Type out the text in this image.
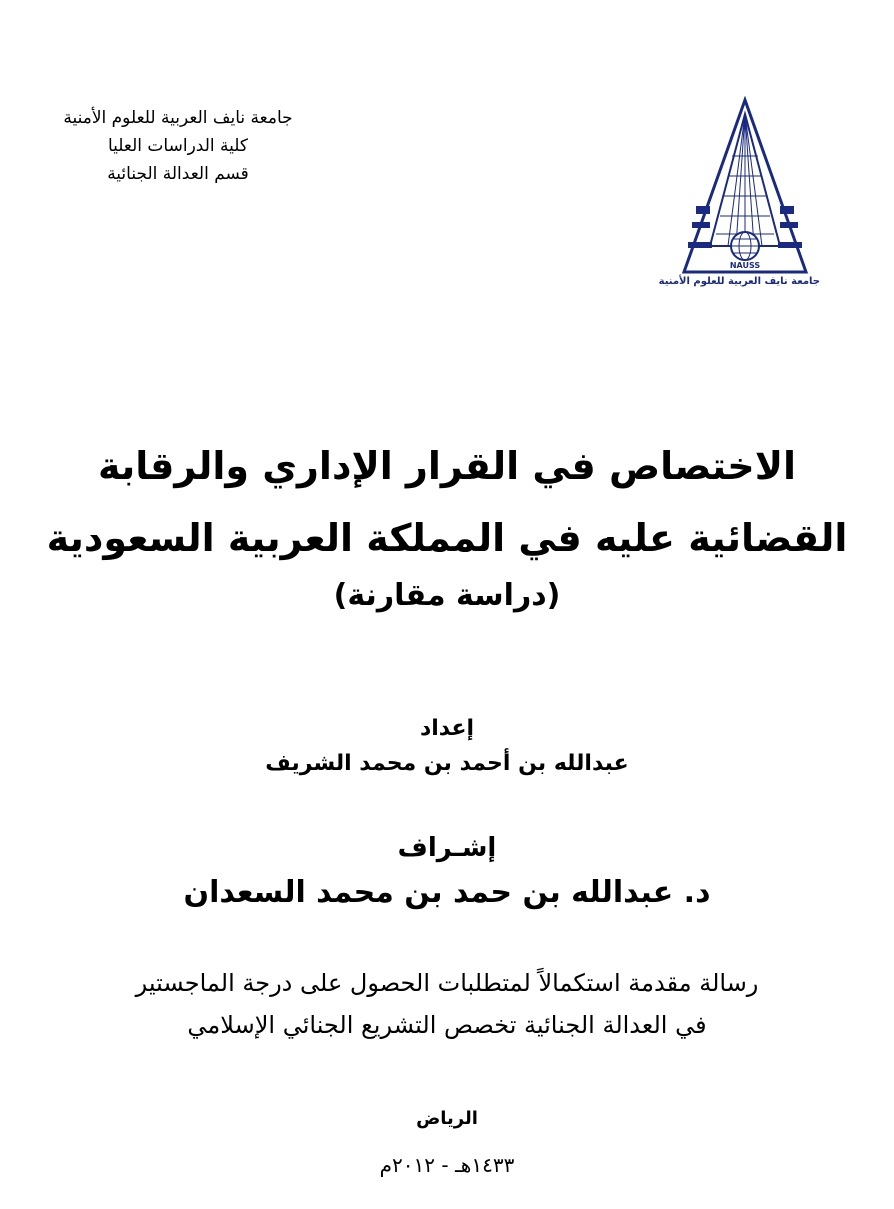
جامعة نايف العربية للعلوم الأمنية
كلية الدراسات العليا
قسم العدالة الجنائية
NAUSS
جامعة نايف العربية للعلوم الأمنية
الاختصاص في القرار الإداري والرقابة
القضائية عليه في المملكة العربية السعودية
(دراسة مقارنة)
إعداد
عبدالله بن أحمد بن محمد الشريف
إشـراف
د. عبدالله بن حمد بن محمد السعدان
رسالة مقدمة استكمالاً لمتطلبات الحصول على درجة الماجستير
في العدالة الجنائية تخصص التشريع الجنائي الإسلامي
الرياض
١٤٣٣هـ - ٢٠١٢م
